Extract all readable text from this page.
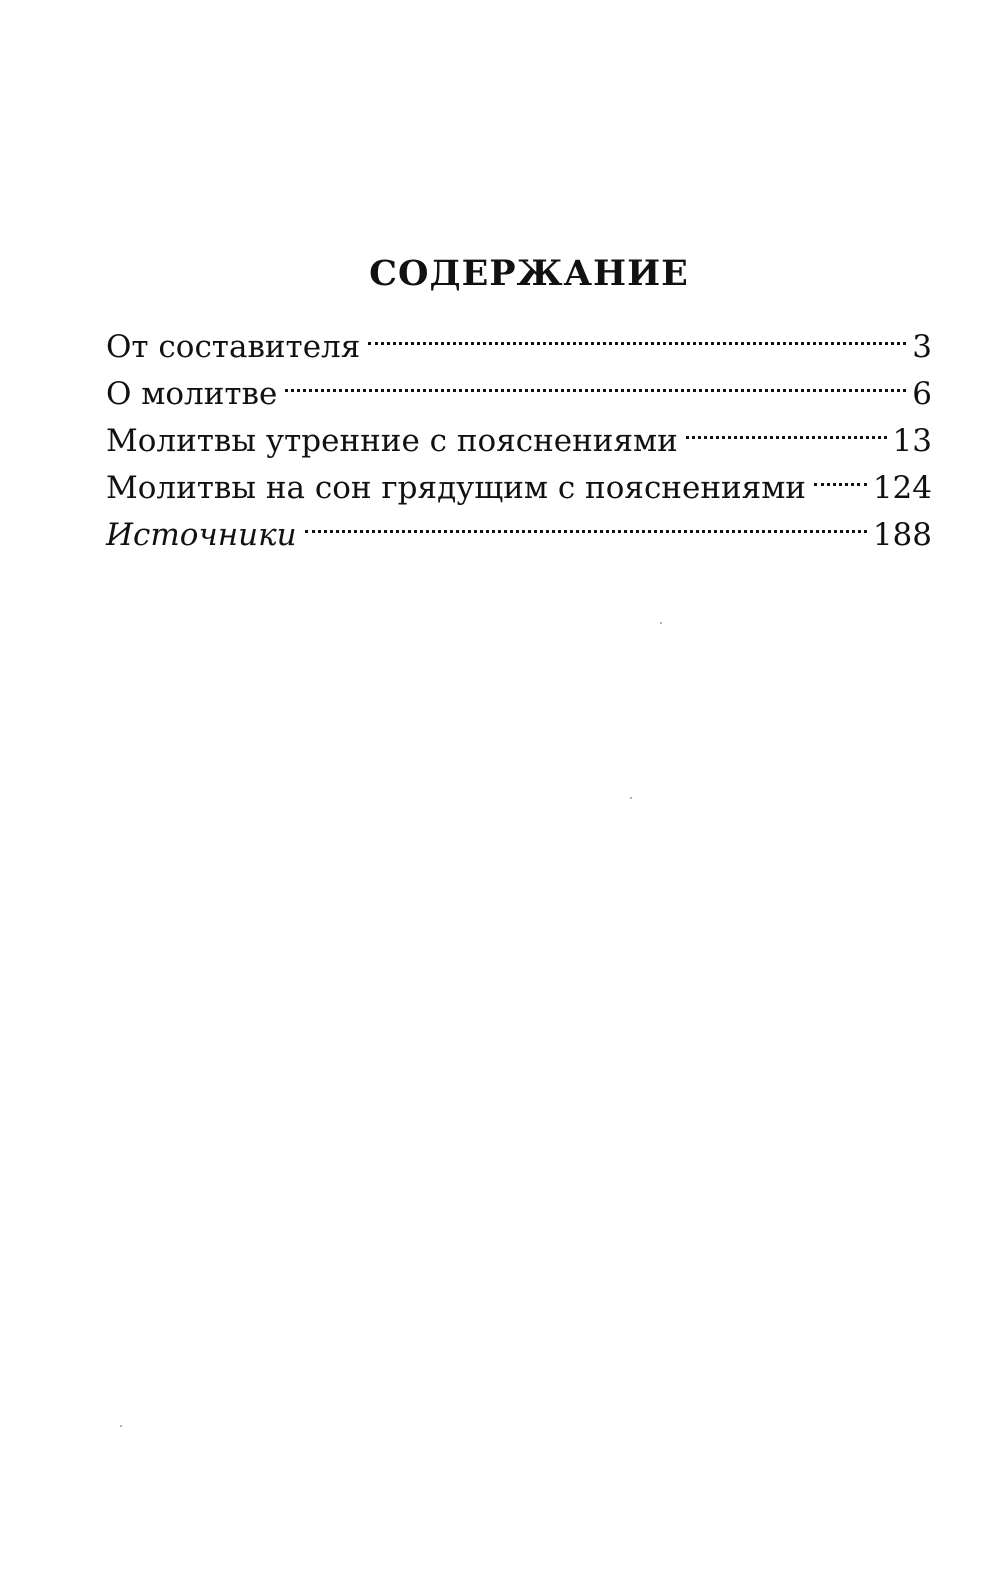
СОДЕРЖАНИЕ
От составителя	3
О молитве	6
Молитвы утренние с пояснениями	13
Молитвы на сон грядущим с пояснениями 124
Источники	188
